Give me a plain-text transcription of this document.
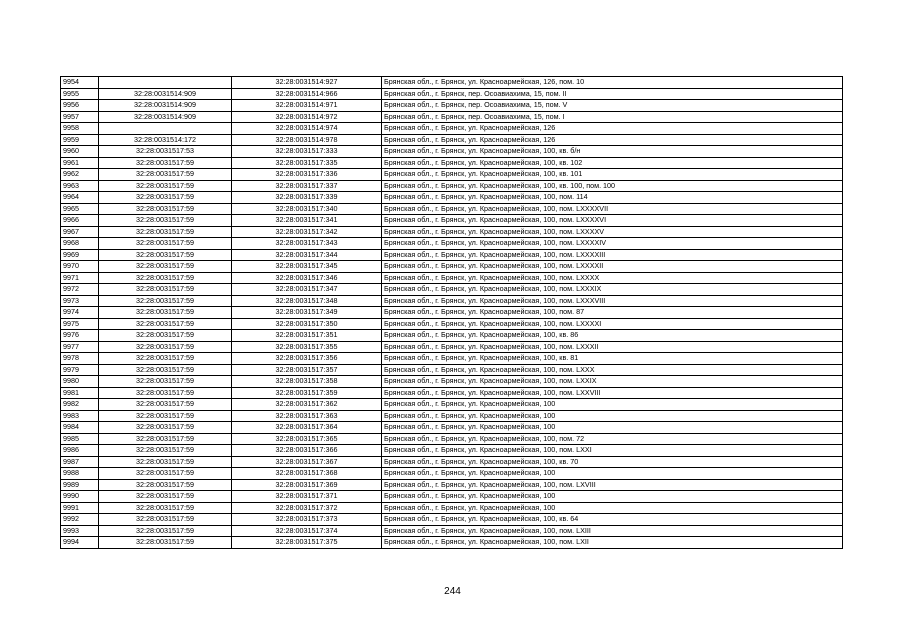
9954		32:28:0031514:927	Брянская обл., г. Брянск, ул. Красноармейская, 126, пом. 10
9955	32:28:0031514:909	32:28:0031514:966	Брянская обл., г. Брянск, пер. Осоавиахима, 15, пом. II
9956	32:28:0031514:909	32:28:0031514:971	Брянская обл., г. Брянск, пер. Осоавиахима, 15, пом. V
9957	32:28:0031514:909	32:28:0031514:972	Брянская обл., г. Брянск, пер. Осоавиахима, 15, пом. I
9958		32:28:0031514:974	Брянская обл., г. Брянск, ул. Красноармейская, 126
9959	32:28:0031514:172	32:28:0031514:978	Брянская обл., г. Брянск, ул. Красноармейская, 126
9960	32:28:0031517:53	32:28:0031517:333	Брянская обл., г. Брянск, ул. Красноармейская, 100, кв. б/н
9961	32:28:0031517:59	32:28:0031517:335	Брянская обл., г. Брянск, ул. Красноармейская, 100, кв. 102
9962	32:28:0031517:59	32:28:0031517:336	Брянская обл., г. Брянск, ул. Красноармейская, 100, кв. 101
9963	32:28:0031517:59	32:28:0031517:337	Брянская обл., г. Брянск, ул. Красноармейская, 100, кв. 100, пом. 100
9964	32:28:0031517:59	32:28:0031517:339	Брянская обл., г. Брянск, ул. Красноармейская, 100, пом. 114
9965	32:28:0031517:59	32:28:0031517:340	Брянская обл., г. Брянск, ул. Красноармейская, 100, пом. LXXXXVII
9966	32:28:0031517:59	32:28:0031517:341	Брянская обл., г. Брянск, ул. Красноармейская, 100, пом. LXXXXVI
9967	32:28:0031517:59	32:28:0031517:342	Брянская обл., г. Брянск, ул. Красноармейская, 100, пом. LXXXXV
9968	32:28:0031517:59	32:28:0031517:343	Брянская обл., г. Брянск, ул. Красноармейская, 100, пом. LXXXXIV
9969	32:28:0031517:59	32:28:0031517:344	Брянская обл., г. Брянск, ул. Красноармейская, 100, пом. LXXXXIII
9970	32:28:0031517:59	32:28:0031517:345	Брянская обл., г. Брянск, ул. Красноармейская, 100, пом. LXXXXII
9971	32:28:0031517:59	32:28:0031517:346	Брянская обл., г. Брянск, ул. Красноармейская, 100, пом. LXXXX
9972	32:28:0031517:59	32:28:0031517:347	Брянская обл., г. Брянск, ул. Красноармейская, 100, пом. LXXXIX
9973	32:28:0031517:59	32:28:0031517:348	Брянская обл., г. Брянск, ул. Красноармейская, 100, пом. LXXXVIII
9974	32:28:0031517:59	32:28:0031517:349	Брянская обл., г. Брянск, ул. Красноармейская, 100, пом. 87
9975	32:28:0031517:59	32:28:0031517:350	Брянская обл., г. Брянск, ул. Красноармейская, 100, пом. LXXXXI
9976	32:28:0031517:59	32:28:0031517:351	Брянская обл., г. Брянск, ул. Красноармейская, 100, кв. 86
9977	32:28:0031517:59	32:28:0031517:355	Брянская обл., г. Брянск, ул. Красноармейская, 100, пом. LXXXII
9978	32:28:0031517:59	32:28:0031517:356	Брянская обл., г. Брянск, ул. Красноармейская, 100, кв. 81
9979	32:28:0031517:59	32:28:0031517:357	Брянская обл., г. Брянск, ул. Красноармейская, 100, пом. LXXX
9980	32:28:0031517:59	32:28:0031517:358	Брянская обл., г. Брянск, ул. Красноармейская, 100, пом. LXXIX
9981	32:28:0031517:59	32:28:0031517:359	Брянская обл., г. Брянск, ул. Красноармейская, 100, пом. LXXVIII
9982	32:28:0031517:59	32:28:0031517:362	Брянская обл., г. Брянск, ул. Красноармейская, 100
9983	32:28:0031517:59	32:28:0031517:363	Брянская обл., г. Брянск, ул. Красноармейская, 100
9984	32:28:0031517:59	32:28:0031517:364	Брянская обл., г. Брянск, ул. Красноармейская, 100
9985	32:28:0031517:59	32:28:0031517:365	Брянская обл., г. Брянск, ул. Красноармейская, 100, пом. 72
9986	32:28:0031517:59	32:28:0031517:366	Брянская обл., г. Брянск, ул. Красноармейская, 100, пом. LXXI
9987	32:28:0031517:59	32:28:0031517:367	Брянская обл., г. Брянск, ул. Красноармейская, 100, кв. 70
9988	32:28:0031517:59	32:28:0031517:368	Брянская обл., г. Брянск, ул. Красноармейская, 100
9989	32:28:0031517:59	32:28:0031517:369	Брянская обл., г. Брянск, ул. Красноармейская, 100, пом. LXVIII
9990	32:28:0031517:59	32:28:0031517:371	Брянская обл., г. Брянск, ул. Красноармейская, 100
9991	32:28:0031517:59	32:28:0031517:372	Брянская обл., г. Брянск, ул. Красноармейская, 100
9992	32:28:0031517:59	32:28:0031517:373	Брянская обл., г. Брянск, ул. Красноармейская, 100, кв. 64
9993	32:28:0031517:59	32:28:0031517:374	Брянская обл., г. Брянск, ул. Красноармейская, 100, пом. LXIII
9994	32:28:0031517:59	32:28:0031517:375	Брянская обл., г. Брянск, ул. Красноармейская, 100, пом. LXII
244
